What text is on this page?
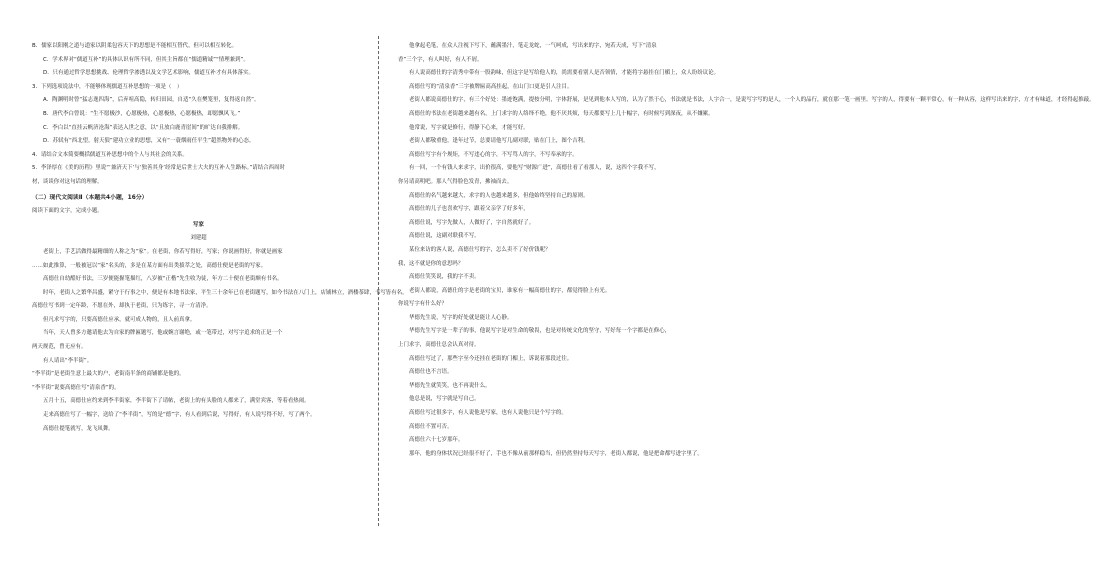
B．儒家以阳刚之道与道家以阴柔包容天下的思想是不能相互替代，但可以相互转化。
C．学术界对“儒道互补”的具体认识有所不同，但其主旨都在“儒道精诚”“情理兼到”。
D．只有通过哲学思想挑战、伦理哲学渗透以及文学艺术影响，儒道互补才有具体落实。
3．下列选项说法中，不能够体现儒道互补思想的一项是（　）
A．陶渊明时曾“猛志逸四海”，后弃喧高隐，转归田园，自适“久在樊笼里，复得返自然”。
B．唐代李白曾说：“生不愿极沙，心愿极热，心愿极热，心愿极热，却愿飘风飞。”
C．李白以“直挂云帆济沧海”表达入世之意，以“且放白鹿青崖间”的旷达自我排解。
D．苏轼有“西北望，射天狼”建功立业的思想，又有“一蓑烟雨任平生”超然物外的心态。
4．请结合文本简要概括儒道互补思想中的个人与其社会的关系。
5．李泽厚在《美的历程》里说“‘兼济天下’与‘独善其身’经常是后世士大夫的互补人生路标。”请结合西周时
材，谈谈你对这句话的理解。
（二）现代文阅读Ⅱ（本题共4小题，16分）
阅读下面的文字，完成小题。
写家
刘建超
老街上，手艺活做得最精细的人称之为“家”。在老街，你若写得好，写家；你说画得好，你就是画家
……如此推算，一般被冠以“家”名头的，多是在某方面有出类拔萃之处，高德仕便是老街的写家。
高德仕自幼酷好书法，三岁便能握笔描红，八岁被“正楷”先生收为徒，年方二十便在老街颇有书名。
时年，老街人之繁华昌盛，紧守于行事之中，便是有本地书法家，平生三十余年已在老街题写，如今书法在八门上，店铺林立，酒楼茶肆，书写皆有名。
高德仕写书到一定年龄，不愿在外，却执于老街，只为练字，寻一方清净。
但凡求写字的，只要高德仕应承，就可成人物的，且人前真拿。
当年，天人曾多方邀请他去为自家的牌匾题写，他或婉言谢绝，或一笔带过，对写字追求的正是一个
两天规范，曾无应有。
有人请出“李半街”。
“李半街”是老街生意上最大的户，老街南半条的商铺都是他的。
“李半街”说要高德仕写“清泉香”的。
五月十五，高德仕应约来到李半街家，李半街下了请帖，老街上的有头脸的人都来了，满堂宾客，等着看热闹。
走来高德仕写了一幅字，送给了“李半街”，写的是“德”字，有人看到后说，写得好，有人说写得不好，写了两个。
高德仕提笔就写，龙飞凤舞。
他拿起毛笔，在众人注视下写下，蘸满墨汁，笔走龙蛇，一气呵成，写出来的字，宛若天成，写下“清泉
香”三个字，有人叫好，有人不屑。
有人说高德仕的字清秀中带有一股韵味，但这字是写给他人的，尚需要看别人是否领情，才能将字悬挂在门楣上，众人纷纷议论。
高德仕写的“清泉香”三字被牌匾高高挂起，在山门口更是引人注目。
老街人都说高德仕的字，有三个好处：墨迹饱满，提按分明，字体舒展，是见到他本人写的，认为了然于心，书法就是书法，人字合一，是说写字写的是人，一个人的品行，就在那一笔一画里。写字的人，得要有一颗平常心，有一种从容，这样写出来的字，方才有味道，才经得起推敲。
高德仕的书法在老街越来越有名，上门求字的人络绎不绝，他不厌其烦，每天都要写上几十幅字，有时候写到深夜，从不嫌累。
他常说，写字就是修行，得静下心来，才能写好。
老街人都敬重他，逢年过节，总要请他写几副对联，贴在门上，图个吉利。
高德仕写字有个规矩，不写违心的字，不写骂人的字，不写奉承的字。
有一回，一个有钱人来求字，出价很高，要他写“财源广进”，高德仕看了看那人，说，这四个字我不写，
你另请高明吧。那人气得脸色发青，拂袖而去。
高德仕的名气越来越大，求字的人也越来越多，但他始终坚持自己的原则。
高德仕的儿子也喜欢写字，跟着父亲学了好多年，
高德仕说，写字先做人，人做好了，字自然就好了。
高德仕说，这副对联我不写。
某位来访的客人说，高德仕写的字，怎么卖不了好价钱呢？
我，这不就是你的意思吗？
高德仕笑笑说，我的字不卖。
老街人都说，高德仕的字是老街的宝贝，谁家有一幅高德仕的字，都觉得脸上有光。
你说写字有什么好？
华德先生说，写字的好处就是能让人心静。
华德先生写字是一辈子的事，他说写字是对生命的敬畏，也是对传统文化的坚守，写好每一个字都是在修心，
上门求字，高德仕总会认真对待。
高德仕写过了，那些字至今还挂在老街的门楣上，诉说着那段过往。
高德仕也不言语。
华德先生就笑笑，也不再说什么。
他总是说，写字就是写自己。
高德仕写过很多字，有人说他是写家，也有人说他只是个写字的。
高德仕不置可否。
高德仕六十七岁那年。
那年，他的身体状况已经很不好了，手也不像从前那样稳当，但仍然坚持每天写字，老街人都说，他是把命都写进字里了。
